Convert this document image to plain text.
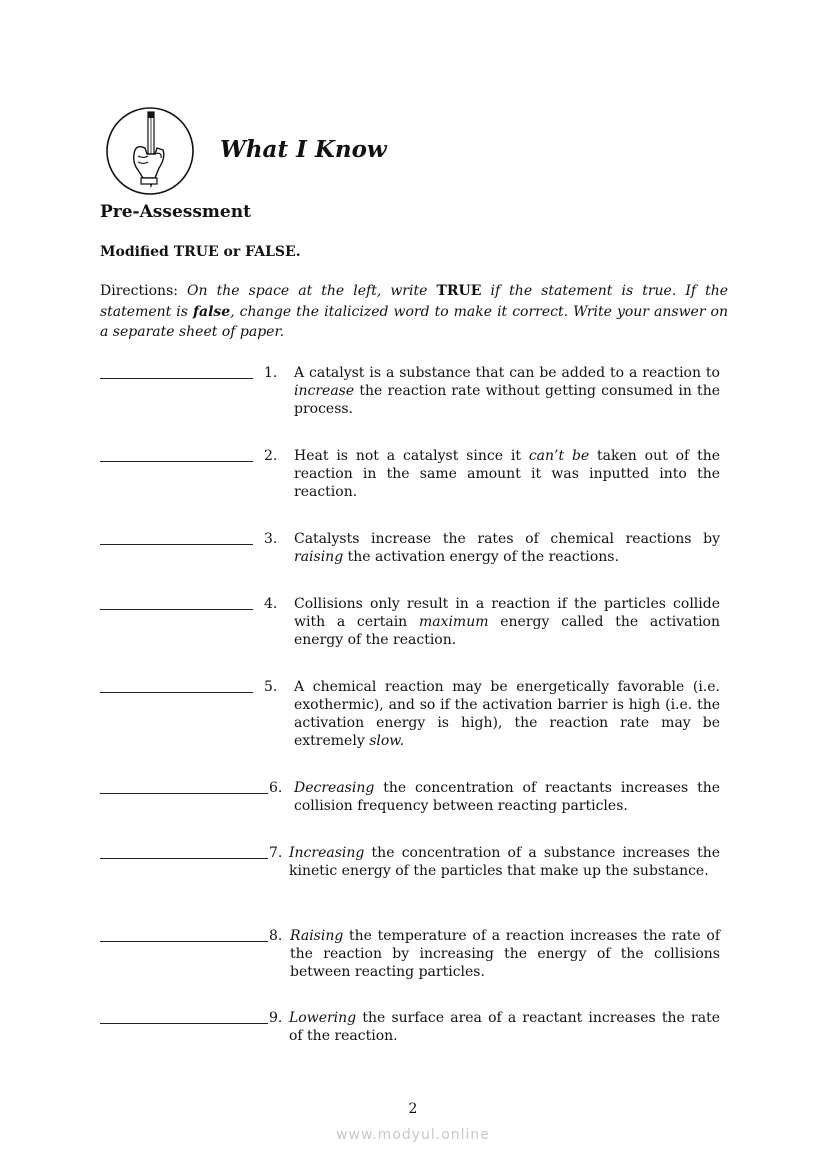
What I Know
Pre-Assessment
Modified TRUE or FALSE.

Directions: On the space at the left, write TRUE if the statement is true. If the statement is false, change the italicized word to make it correct. Write your answer on a separate sheet of paper.

1. A catalyst is a substance that can be added to a reaction to increase the reaction rate without getting consumed in the process.
2. Heat is not a catalyst since it can’t be taken out of the reaction in the same amount it was inputted into the reaction.
3. Catalysts increase the rates of chemical reactions by raising the activation energy of the reactions.
4. Collisions only result in a reaction if the particles collide with a certain maximum energy called the activation energy of the reaction.
5. A chemical reaction may be energetically favorable (i.e. exothermic), and so if the activation barrier is high (i.e. the activation energy is high), the reaction rate may be extremely slow.
6. Decreasing the concentration of reactants increases the collision frequency between reacting particles.
7. Increasing the concentration of a substance increases the kinetic energy of the particles that make up the substance.
8. Raising the temperature of a reaction increases the rate of the reaction by increasing the energy of the collisions between reacting particles.
9. Lowering the surface area of a reactant increases the rate of the reaction.
2
www.modyul.online
